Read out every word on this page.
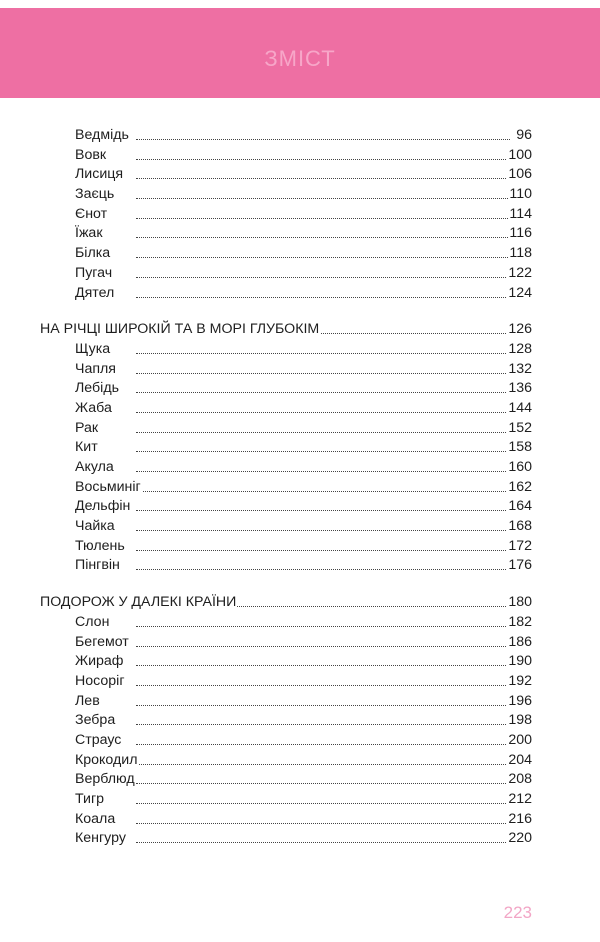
ЗМІСТ
Ведмідь	96
Вовк	100
Лисиця	106
Заєць	110
Єнот	114
Їжак	116
Білка	118
Пугач	122
Дятел	124
НА РІЧЦІ ШИРОКІЙ ТА В МОРІ ГЛУБОКІМ	126
Щука	128
Чапля	132
Лебідь	136
Жаба	144
Рак	152
Кит	158
Акула	160
Восьминіг	162
Дельфін	164
Чайка	168
Тюлень	172
Пінгвін	176
ПОДОРОЖ У ДАЛЕКІ КРАЇНИ	180
Слон	182
Бегемот	186
Жираф	190
Носоріг	192
Лев	196
Зебра	198
Страус	200
Крокодил	204
Верблюд	208
Тигр	212
Коала	216
Кенгуру	220
223
